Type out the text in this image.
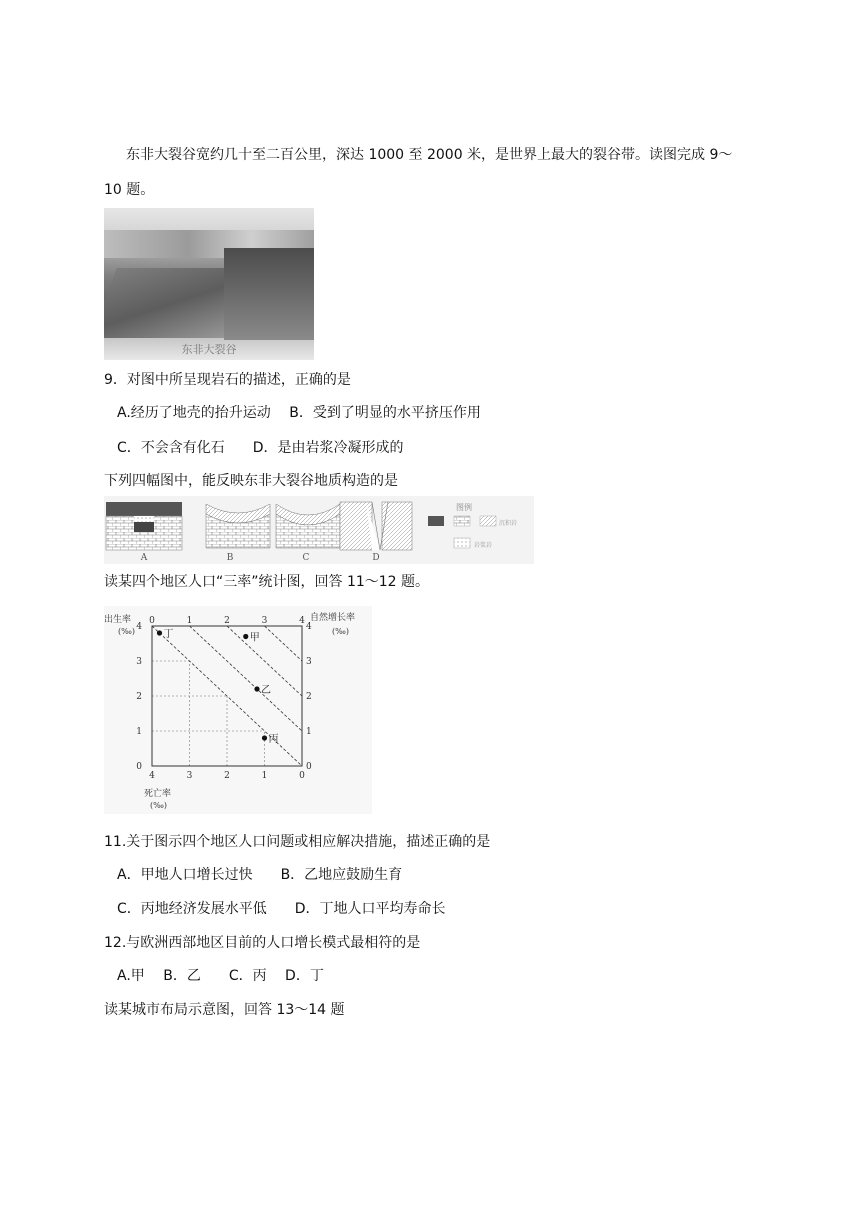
东非大裂谷宽约几十至二百公里，深达 1000 至 2000 米，是世界上最大的裂谷带。读图完成 9～
10 题。
东非大裂谷
9．对图中所呈现岩石的描述，正确的是
A.经历了地壳的抬升运动　 B．受到了明显的水平挤压作用
C．不会含有化石　　D．是由岩浆冷凝形成的
下列四幅图中，能反映东非大裂谷地质构造的是
A	B	C	D
图例
沉积岩
岩浆岩
读某四个地区人口“三率”统计图，回答 11～12 题。
0
1
2
3
4
0
1
2
3
4
4	3	2	1	0
0	1	2	3	4
甲
乙
丙
丁
出生率
(‰)
自然增长率
(‰)
死亡率
(‰)
11.关于图示四个地区人口问题或相应解决措施，描述正确的是
A．甲地人口增长过快　　B．乙地应鼓励生育
C．丙地经济发展水平低　　D．丁地人口平均寿命长
12.与欧洲西部地区目前的人口增长模式最相符的是
A.甲　 B．乙　　C．丙　 D．丁
读某城市布局示意图，回答 13～14 题
